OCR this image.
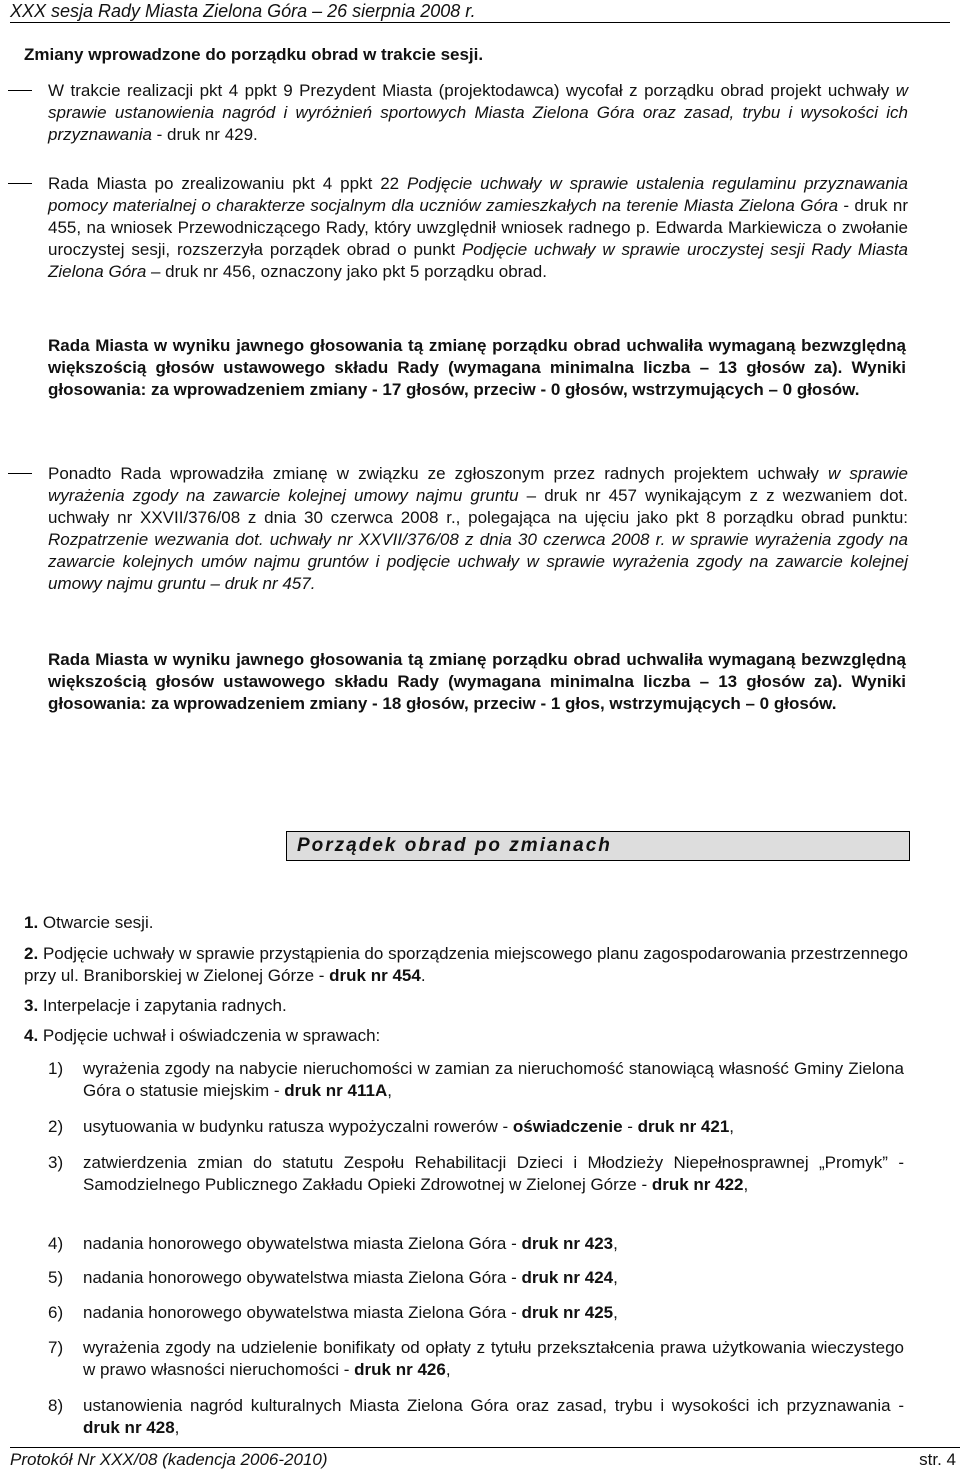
XXX sesja Rady Miasta Zielona Góra – 26 sierpnia 2008 r.
Zmiany wprowadzone do porządku obrad w trakcie sesji.
W trakcie realizacji pkt 4 ppkt 9 Prezydent Miasta (projektodawca) wycofał z porządku obrad projekt uchwały w sprawie ustanowienia nagród i wyróżnień sportowych Miasta Zielona Góra oraz zasad, trybu i wysokości ich przyznawania - druk nr 429.
Rada Miasta po zrealizowaniu pkt 4 ppkt 22 Podjęcie uchwały w sprawie ustalenia regulaminu przyznawania pomocy materialnej o charakterze socjalnym dla uczniów zamieszkałych na terenie Miasta Zielona Góra - druk nr 455, na wniosek Przewodniczącego Rady, który uwzględnił wniosek radnego p. Edwarda Markiewicza o zwołanie uroczystej sesji, rozszerzyła porządek obrad o punkt Podjęcie uchwały w sprawie uroczystej sesji Rady Miasta Zielona Góra – druk nr 456, oznaczony jako pkt 5 porządku obrad.
Rada Miasta w wyniku jawnego głosowania tą zmianę porządku obrad uchwaliła wymaganą bezwzględną większością głosów ustawowego składu Rady (wymagana minimalna liczba – 13 głosów za). Wyniki głosowania: za wprowadzeniem zmiany - 17 głosów, przeciw - 0 głosów, wstrzymujących – 0 głosów.
Ponadto Rada wprowadziła zmianę w związku ze zgłoszonym przez radnych projektem uchwały w sprawie wyrażenia zgody na zawarcie kolejnej umowy najmu gruntu – druk nr 457 wynikającym z z wezwaniem dot. uchwały nr XXVII/376/08 z dnia 30 czerwca 2008 r., polegająca na ujęciu jako pkt 8 porządku obrad punktu: Rozpatrzenie wezwania dot. uchwały nr XXVII/376/08 z dnia 30 czerwca 2008 r. w sprawie wyrażenia zgody na zawarcie kolejnych umów najmu gruntów i podjęcie uchwały w sprawie wyrażenia zgody na zawarcie kolejnej umowy najmu gruntu – druk nr 457.
Rada Miasta w wyniku jawnego głosowania tą zmianę porządku obrad uchwaliła wymaganą bezwzględną większością głosów ustawowego składu Rady (wymagana minimalna liczba – 13 głosów za). Wyniki głosowania: za wprowadzeniem zmiany - 18 głosów, przeciw - 1 głos, wstrzymujących – 0 głosów.
Porządek obrad po zmianach
1. Otwarcie sesji.
2. Podjęcie uchwały w sprawie przystąpienia do sporządzenia miejscowego planu zagospodarowania przestrzennego przy ul. Braniborskiej w Zielonej Górze - druk nr 454.
3. Interpelacje i zapytania radnych.
4. Podjęcie uchwał i oświadczenia w sprawach:
1)	wyrażenia zgody na nabycie nieruchomości w zamian za nieruchomość stanowiącą własność Gminy Zielona Góra o statusie miejskim - druk nr 411A,
2)	usytuowania w budynku ratusza wypożyczalni rowerów - oświadczenie - druk nr 421,
3)	zatwierdzenia zmian do statutu Zespołu Rehabilitacji Dzieci i Młodzieży Niepełnosprawnej „Promyk” - Samodzielnego Publicznego Zakładu Opieki Zdrowotnej w Zielonej Górze - druk nr 422,
4)	nadania honorowego obywatelstwa miasta Zielona Góra - druk nr 423,
5)	nadania honorowego obywatelstwa miasta Zielona Góra - druk nr 424,
6)	nadania honorowego obywatelstwa miasta Zielona Góra - druk nr 425,
7)	wyrażenia zgody na udzielenie bonifikaty od opłaty z tytułu przekształcenia prawa użytkowania wieczystego w prawo własności nieruchomości - druk nr 426,
8)	ustanowienia nagród kulturalnych Miasta Zielona Góra oraz zasad, trybu i wysokości ich przyznawania - druk nr 428,
Protokół Nr XXX/08 (kadencja 2006-2010)	str. 4
